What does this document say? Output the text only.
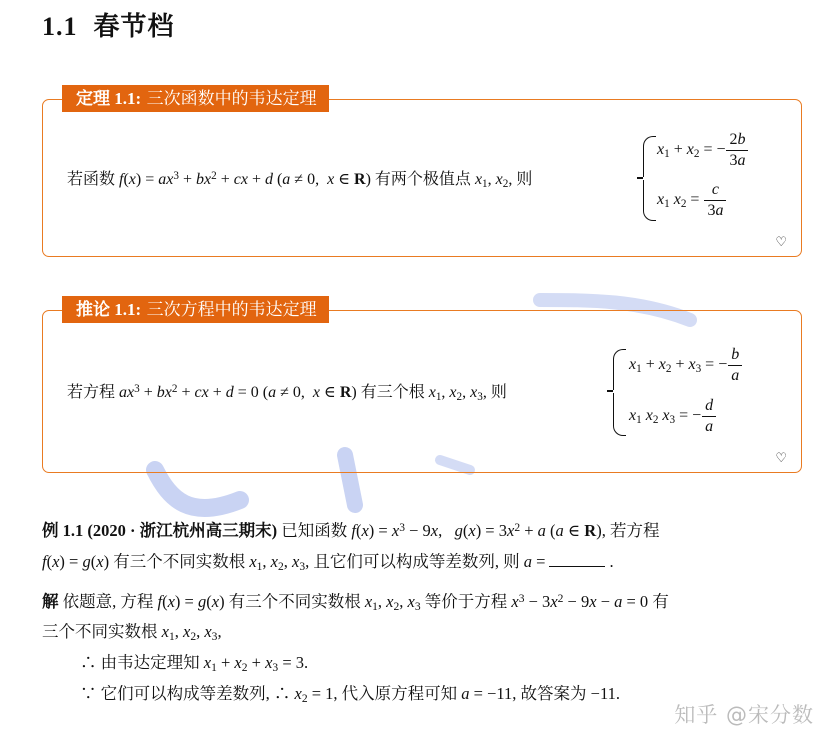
1.1 春节档
定理 1.1: 三次函数中的韦达定理
若函数 $f(x) = ax^3 + bx^2$ + cx + d (a ≠ 0,  x ∈ R) 有两个极值点 $x_1$, $x_2$, 则
$x_1 + x_2$ = − $\frac{2b}{3a}$
$x_1$ $x_2 = \frac{c}{3a}$
♡
推论 1.1: 三次方程中的韦达定理
若方程 $ax^3 + bx^2$ + cx + d = 0 (a ≠ 0,  x ∈ R) 有三个根 $x_1$, $x_2$, $x_3$, 则
$x_1 + x_2 + x_3$ = − $\frac{b}{a}$
$x_1$ $x_2$ $x_3$ = − $\frac{d}{a}$
♡
例 1.1 (2020 · 浙江杭州高三期末) 已知函数 $f(x) = x^3 - 9x$,   $g(x) = 3x^2 + a$ (a ∈ R), 若方程
f(x) = g(x) 有三个不同实数根 $x_1$, $x_2$, $x_3$, 且它们可以构成等差数列, 则 a =	.
解 依题意, 方程 f(x) = g(x) 有三个不同实数根 $x_1$, $x_2$, $x_3$ 等价于方程 $x^3 - 3x^2 - 9x - a = 0$ 有
三个不同实数根 $x_1$, $x_2$, $x_3$,
∴ 由韦达定理知 $x_1 + x_2 + x_3 = 3$.
∵ 它们可以构成等差数列, ∴ $x_2 = 1$, 代入原方程可知 a = −11, 故答案为 −11.
知乎 @宋分数
